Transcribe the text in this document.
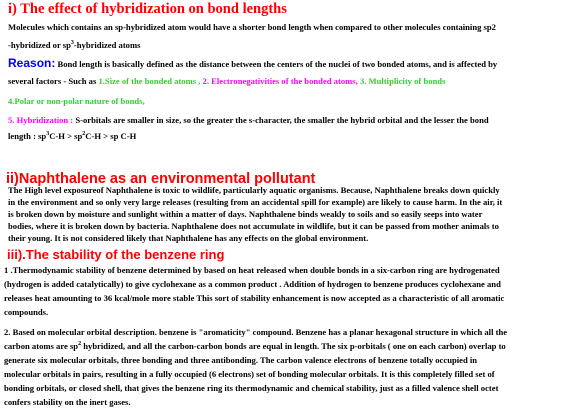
i) The effect of hybridization on bond lengths
Molecules which contains an sp-hybridized atom would have a shorter bond length when compared to other molecules containing sp2
-hybridized or $sp^3$-hybridized atoms
Reason: Bond length is basically defined as the distance between the centers of the nuclei of two bonded atoms, and is affected by
several factors - Such as 1.Size of the bonded atoms , 2. Electronegativities of the bonded atoms, 3. Multiplicity of bonds
4.Polar or non-polar nature of bonds,
5. Hybridization : S-orbitals are smaller in size, so the greater the s-character, the smaller the hybrid orbital and the lesser the bond
length : $sp^3C-H > sp^2C-H$ > sp C-H
ii)Naphthalene as an environmental pollutant
The High level exposureof Naphthalene is toxic to wildlife, particularly aquatic organisms. Because, Naphthalene breaks down quickly
in the environment and so only very large releases (resulting from an accidental spill for example) are likely to cause harm. In the air, it
is broken down by moisture and sunlight within a matter of days. Naphthalene binds weakly to soils and so easily seeps into water
bodies, where it is broken down by bacteria. Naphthalene does not accumulate in wildlife, but it can be passed from mother animals to
iii).The stability of the benzene ring
1 .Thermodynamic stability of benzene determined by based on heat released when double bonds in a six-carbon ring are hydrogenated
(hydrogen is added catalytically) to give cyclohexane as a common product . Addition of hydrogen to benzene produces cyclohexane and
releases heat amounting to 36 kcal/mole more stable This sort of stability enhancement is now accepted as a characteristic of all aromatic
compounds.
2. Based on molecular orbital description. benzene is "aromaticity" compound. Benzene has a planar hexagonal structure in which all the
carbon atoms are $sp^2$ hybridized, and all the carbon-carbon bonds are equal in length. The six p-orbitals ( one on each carbon) overlap to
generate six molecular orbitals, three bonding and three antibonding. The carbon valence electrons of benzene totally occupied in
molecular orbitals in pairs, resulting in a fully occupied (6 electrons) set of bonding molecular orbitals. It is this completely filled set of
bonding orbitals, or closed shell, that gives the benzene ring its thermodynamic and chemical stability, just as a filled valence shell octet
confers stability on the inert gases.
their young. It is not considered likely that Naphthalene has any effects on the global environment.
